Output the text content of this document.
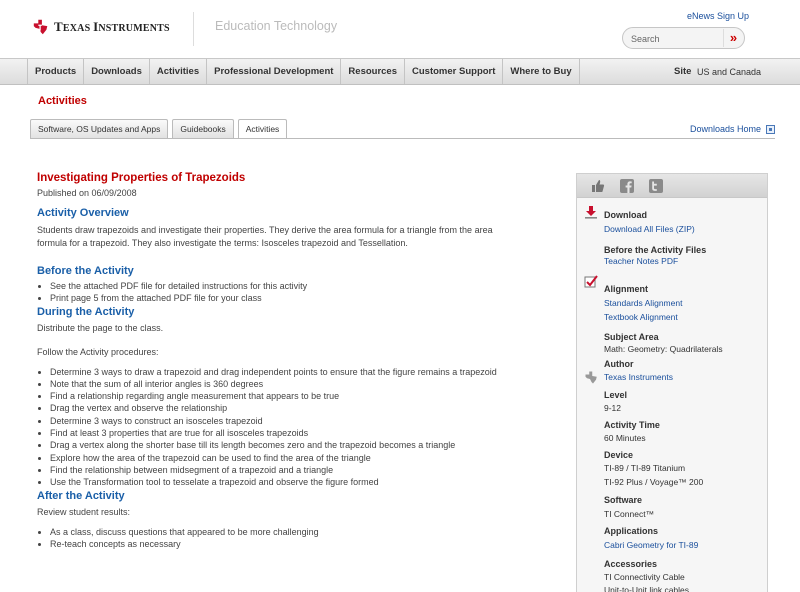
TEXAS INSTRUMENTS	Education Technology
eNews Sign Up
Search
»
Products	Downloads	Activities	Professional Development	Resources	Customer Support	Where to Buy	Site US and Canada
Activities
Software, OS Updates and Apps	Guidebooks	Activities	Downloads Home
Investigating Properties of Trapezoids
Published on 06/09/2008
Activity Overview
Students draw trapezoids and investigate their properties. They derive the area formula for a triangle from the area
formula for a trapezoid. They also investigate the terms: Isosceles trapezoid and Tessellation.
Before the Activity
See the attached PDF file for detailed instructions for this activity
Print page 5 from the attached PDF file for your class
During the Activity
Distribute the page to the class.
Follow the Activity procedures:
Determine 3 ways to draw a trapezoid and drag independent points to ensure that the figure remains a trapezoid
Note that the sum of all interior angles is 360 degrees
Find a relationship regarding angle measurement that appears to be true
Drag the vertex and observe the relationship
Determine 3 ways to construct an isosceles trapezoid
Find at least 3 properties that are true for all isosceles trapezoids
Drag a vertex along the shorter base till its length becomes zero and the trapezoid becomes a triangle
Explore how the area of the trapezoid can be used to find the area of the triangle
Find the relationship between midsegment of a trapezoid and a triangle
Use the Transformation tool to tesselate a trapezoid and observe the figure formed
After the Activity
Review student results:
As a class, discuss questions that appeared to be more challenging
Re-teach concepts as necessary
Download
Download All Files (ZIP)
Before the Activity Files
Teacher Notes PDF
Alignment
Standards Alignment
Textbook Alignment
Subject Area
Math: Geometry: Quadrilaterals
Author
Texas Instruments
Level
9-12
Activity Time
60 Minutes
Device
TI-89 / TI-89 Titanium
TI-92 Plus / Voyage™ 200
Software
TI Connect™
Applications
Cabri Geometry for TI-89
Accessories
TI Connectivity Cable
Unit-to-Unit link cables
